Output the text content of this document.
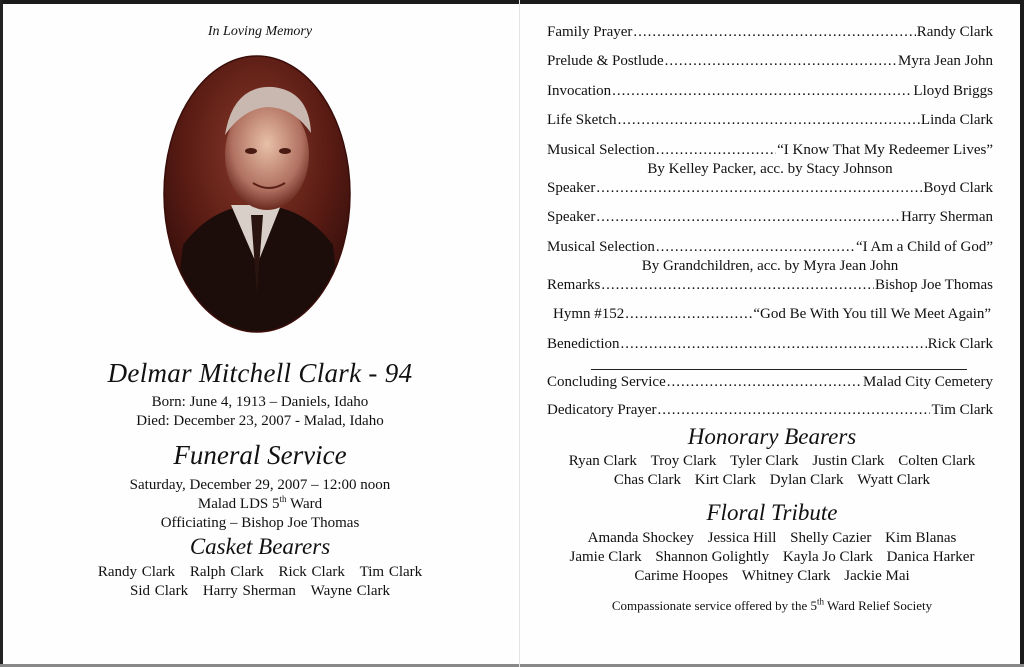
In Loving Memory
Delmar Mitchell Clark - 94
Born: June 4, 1913 – Daniels, Idaho
Died: December 23, 2007 - Malad, Idaho
Funeral Service
Saturday, December 29, 2007 – 12:00 noon
Malad LDS 5th Ward
Officiating – Bishop Joe Thomas
Casket Bearers
Randy Clark Ralph Clark Rick Clark Tim Clark
Sid Clark Harry Sherman Wayne Clark
Family Prayer .....	Randy Clark
Prelude & Postlude .....	Myra Jean John
Invocation .....	Lloyd Briggs
Life Sketch .....	Linda Clark
Musical Selection .....	“I Know That My Redeemer Lives”
By Kelley Packer, acc. by Stacy Johnson
Speaker .....	Boyd Clark
Speaker .....	Harry Sherman
Musical Selection .....	“I Am a Child of God”
By Grandchildren, acc. by Myra Jean John
Remarks .....	Bishop Joe Thomas
Hymn #152 .....	“God Be With You till We Meet Again”
Benediction .....	Rick Clark
Concluding Service .....	Malad City Cemetery
Dedicatory Prayer .....	Tim Clark
Honorary Bearers
Ryan Clark Troy Clark Tyler Clark Justin Clark Colten Clark
Chas Clark Kirt Clark Dylan Clark Wyatt Clark
Floral Tribute
Amanda Shockey Jessica Hill Shelly Cazier Kim Blanas
Jamie Clark Shannon Golightly Kayla Jo Clark Danica Harker
Carime Hoopes Whitney Clark Jackie Mai
Compassionate service offered by the 5th Ward Relief Society
